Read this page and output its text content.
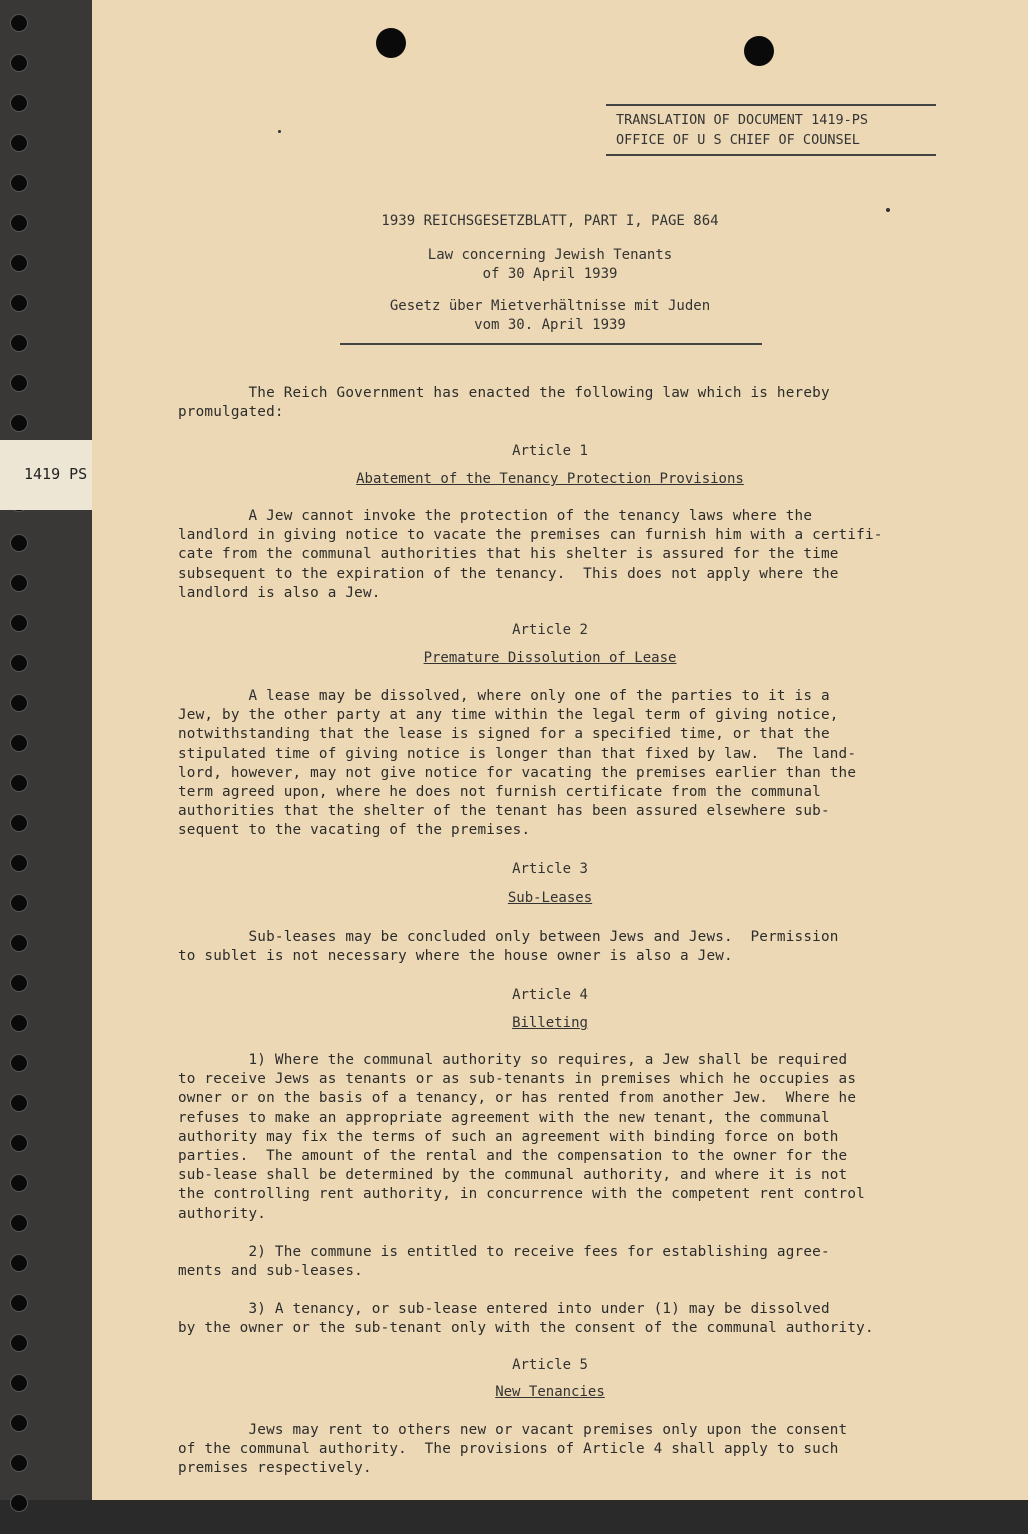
1419 PS
TRANSLATION OF DOCUMENT 1419-PS
OFFICE OF U S CHIEF OF COUNSEL
1939 REICHSGESETZBLATT, PART I, PAGE 864
Law concerning Jewish Tenants
of 30 April 1939
Gesetz über Mietverhältnisse mit Juden
vom 30. April 1939
The Reich Government has enacted the following law which is hereby
promulgated:
Article 1
Abatement of the Tenancy Protection Provisions
A Jew cannot invoke the protection of the tenancy laws where the
landlord in giving notice to vacate the premises can furnish him with a certifi-
cate from the communal authorities that his shelter is assured for the time
subsequent to the expiration of the tenancy.  This does not apply where the
landlord is also a Jew.
Article 2
Premature Dissolution of Lease
A lease may be dissolved, where only one of the parties to it is a
Jew, by the other party at any time within the legal term of giving notice,
notwithstanding that the lease is signed for a specified time, or that the
stipulated time of giving notice is longer than that fixed by law.  The land-
lord, however, may not give notice for vacating the premises earlier than the
term agreed upon, where he does not furnish certificate from the communal
authorities that the shelter of the tenant has been assured elsewhere sub-
sequent to the vacating of the premises.
Article 3
Sub-Leases
Sub-leases may be concluded only between Jews and Jews.  Permission
to sublet is not necessary where the house owner is also a Jew.
Article 4
Billeting
1) Where the communal authority so requires, a Jew shall be required
to receive Jews as tenants or as sub-tenants in premises which he occupies as
owner or on the basis of a tenancy, or has rented from another Jew.  Where he
refuses to make an appropriate agreement with the new tenant, the communal
authority may fix the terms of such an agreement with binding force on both
parties.  The amount of the rental and the compensation to the owner for the
sub-lease shall be determined by the communal authority, and where it is not
the controlling rent authority, in concurrence with the competent rent control
authority.
2) The commune is entitled to receive fees for establishing agree-
ments and sub-leases.
3) A tenancy, or sub-lease entered into under (1) may be dissolved
by the owner or the sub-tenant only with the consent of the communal authority.
Article 5
New Tenancies
Jews may rent to others new or vacant premises only upon the consent
of the communal authority.  The provisions of Article 4 shall apply to such
premises respectively.
